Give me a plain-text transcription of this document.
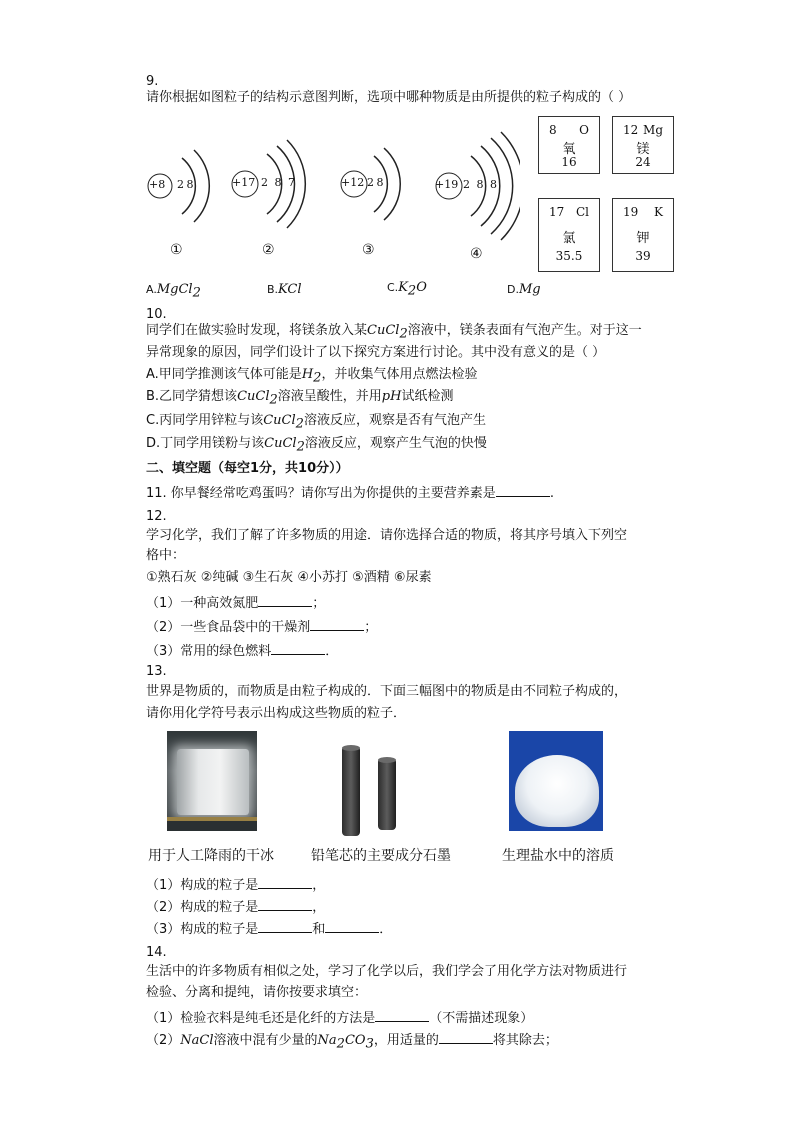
9.
请你根据如图粒子的结构示意图判断，选项中哪种物质是由所提供的粒子构成的（ ）
+8 2 8	+17 2 8 7	+12 2 8	+19 2 8 8
①	②	③	④
8 O
氧
16
12 Mg
镁
24
17 Cl
氯
35.5
19 K
钾
39
A.MgCl$_2$	B.KCl	$C.K_2O$	D.Mg
10.
同学们在做实验时发现，将镁条放入某CuCl$_2$溶液中，镁条表面有气泡产生。对于这一
异常现象的原因，同学们设计了以下探究方案进行讨论。其中没有意义的是（ ）
A.甲同学推测该气体可能是$H_2$，并收集气体用点燃法检验
B.乙同学猜想该CuCl$_2$溶液呈酸性，并用pH试纸检测
C.丙同学用锌粒与该CuCl$_2$溶液反应，观察是否有气泡产生
D.丁同学用镁粉与该CuCl$_2$溶液反应，观察产生气泡的快慢
二、填空题（每空1分，共10分））
11. 你早餐经常吃鸡蛋吗？请你写出为你提供的主要营养素是	.
12.
学习化学，我们了解了许多物质的用途．请你选择合适的物质，将其序号填入下列空
格中：
①熟石灰 ②纯碱 ③生石灰 ④小苏打 ⑤酒精 ⑥尿素
（1）一种高效氮肥	；
（2）一些食品袋中的干燥剂	；
（3）常用的绿色燃料	．
13.
世界是物质的，而物质是由粒子构成的．下面三幅图中的物质是由不同粒子构成的，
请你用化学符号表示出构成这些物质的粒子．
用于人工降雨的干冰	铅笔芯的主要成分石墨	生理盐水中的溶质
（1）构成的粒子是	，
（2）构成的粒子是	，
（3）构成的粒子是	和	．
14.
生活中的许多物质有相似之处，学习了化学以后，我们学会了用化学方法对物质进行
检验、分离和提纯，请你按要求填空：
（1）检验衣料是纯毛还是化纤的方法是	（不需描述现象）
（2）NaCl溶液中混有少量的$Na_2CO_3$，用适量的	将其除去；
